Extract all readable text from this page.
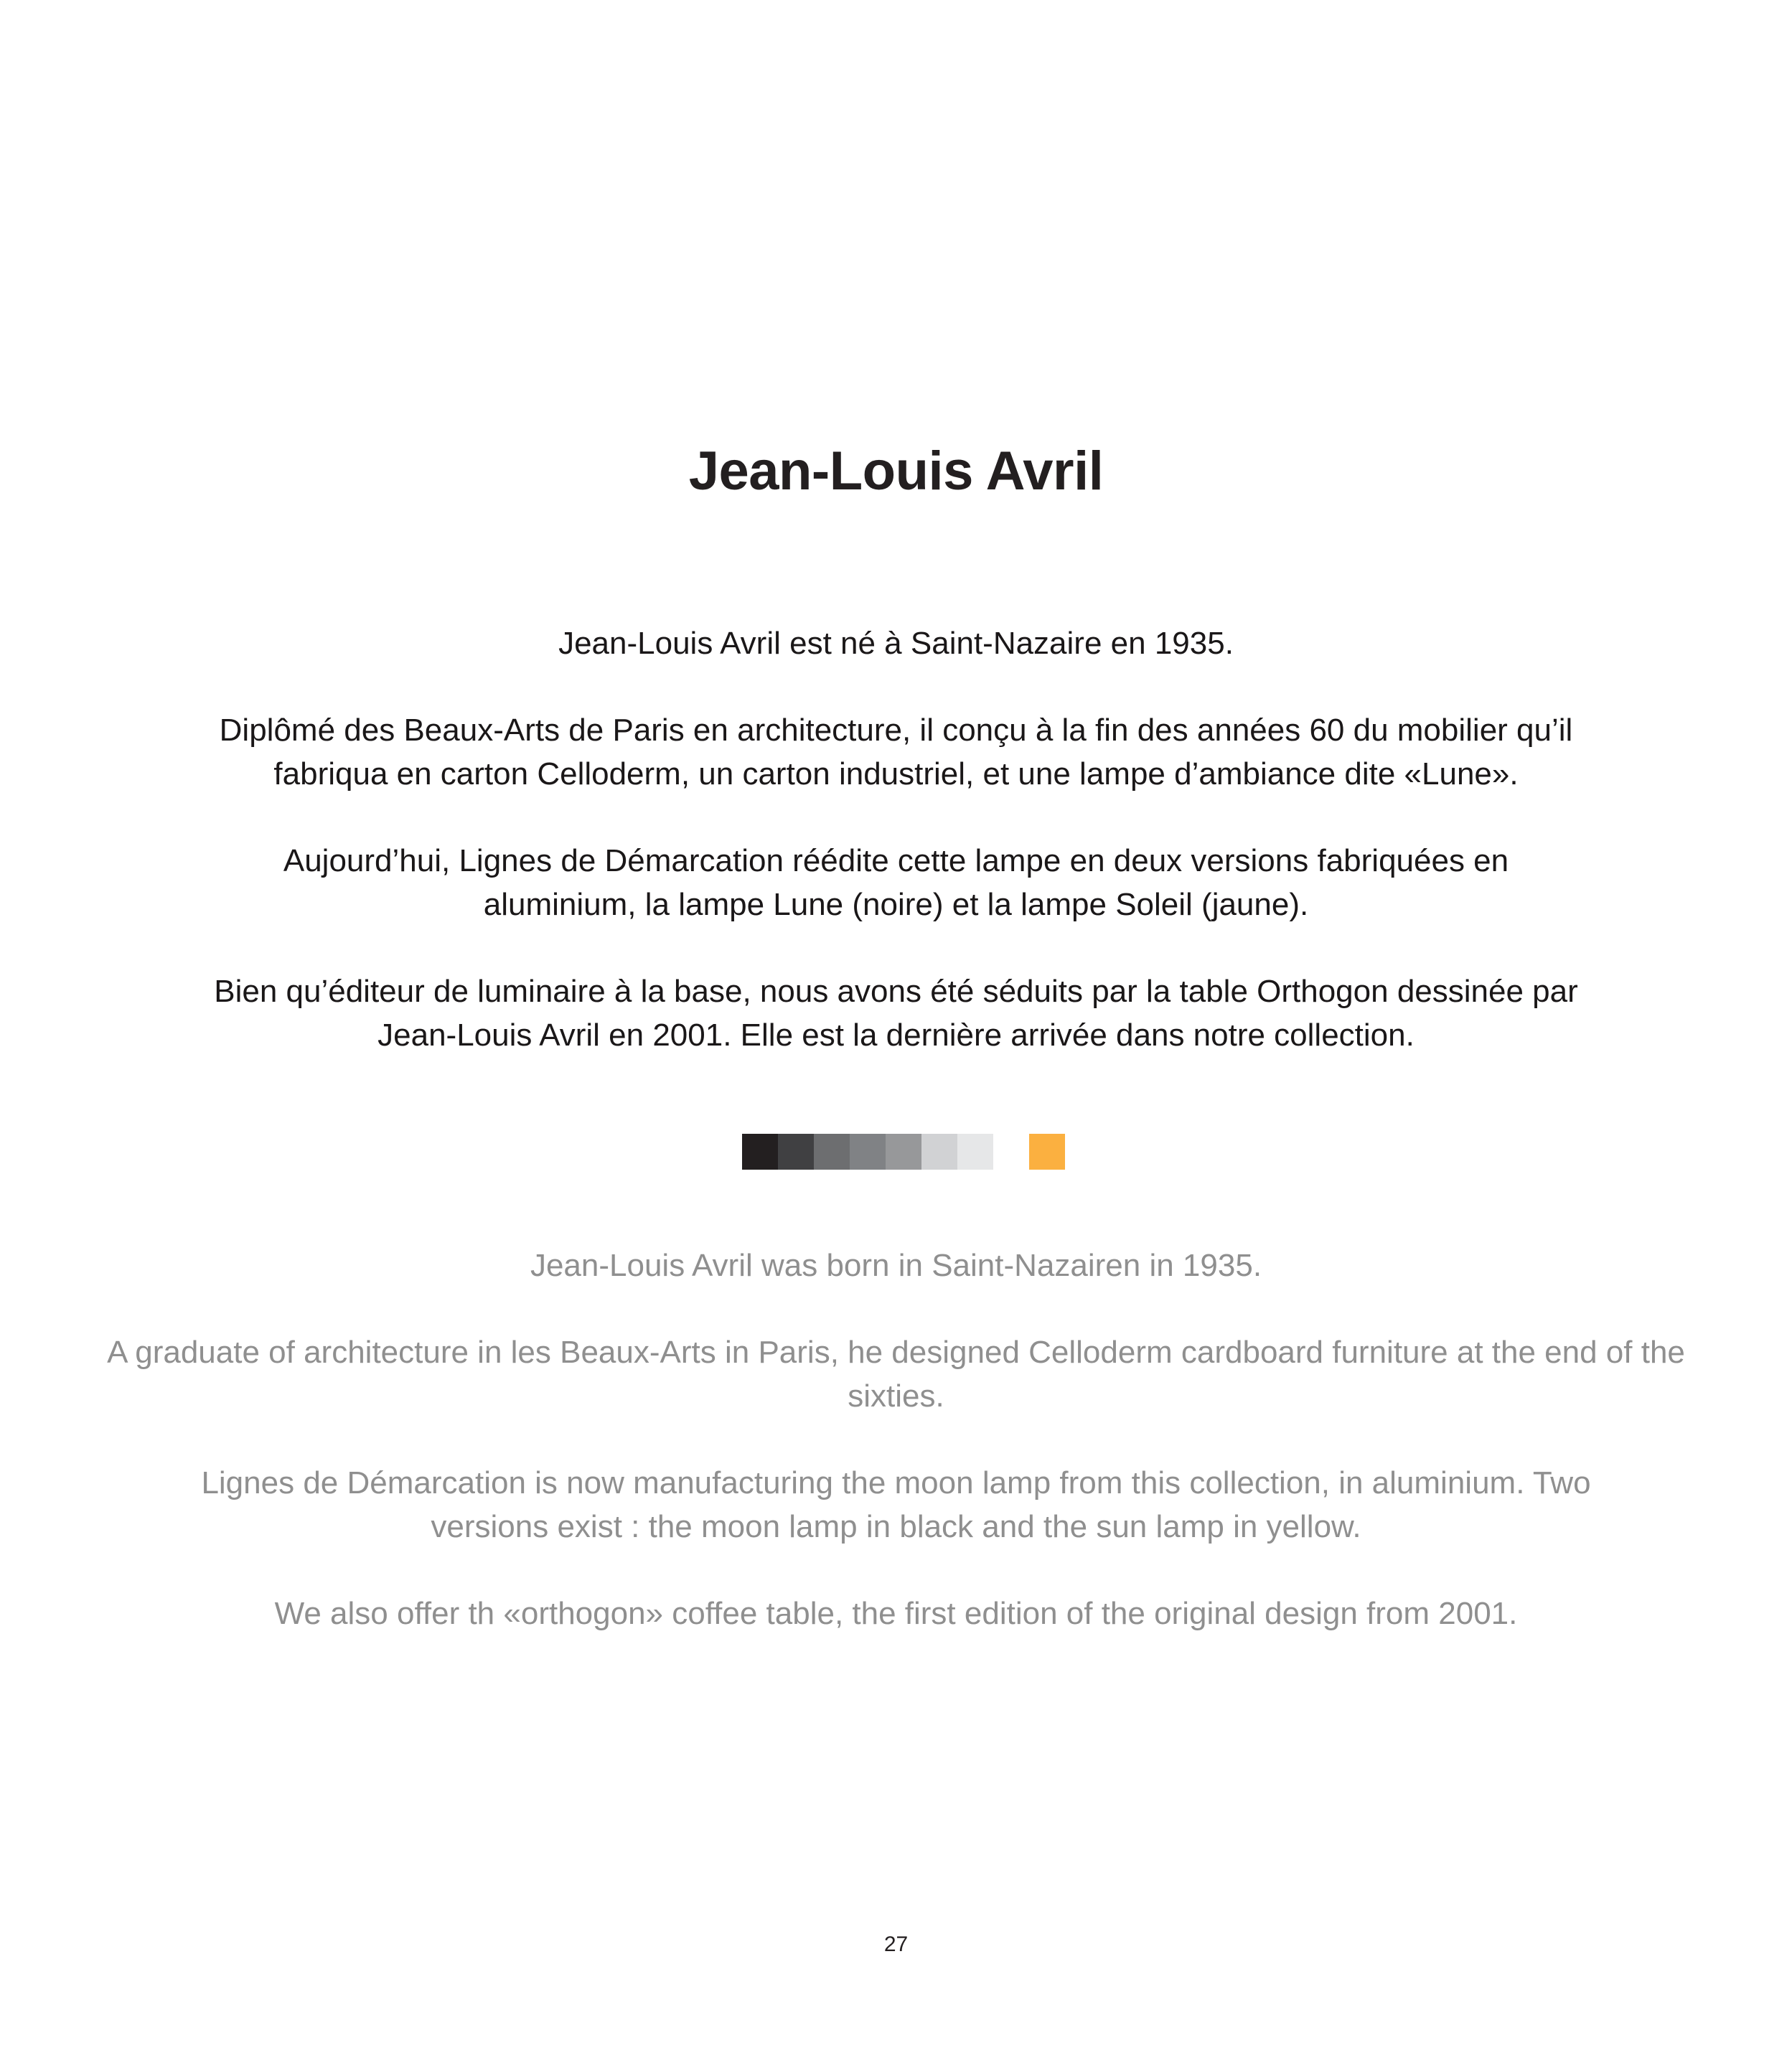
Jean-Louis Avril

Jean-Louis Avril est né à Saint-Nazaire en 1935.

Diplômé des Beaux-Arts de Paris en architecture, il conçu à la fin des années 60 du mobilier qu’il fabriqua en carton Celloderm, un carton industriel, et une lampe d’ambiance dite «Lune».

Aujourd’hui, Lignes de Démarcation réédite cette lampe en deux versions fabriquées en aluminium, la lampe Lune (noire) et la lampe Soleil (jaune).

Bien qu’éditeur de luminaire à la base, nous avons été séduits par la table Orthogon dessinée par Jean-Louis Avril en 2001. Elle est la dernière arrivée dans notre collection.

Jean-Louis Avril was born in Saint-Nazairen in 1935.

A graduate of architecture in les Beaux-Arts in Paris, he designed Celloderm cardboard furniture at the end of the sixties.

Lignes de Démarcation is now manufacturing the moon lamp from this collection, in aluminium. Two versions exist : the moon lamp in black and the sun lamp in yellow.

We also offer th «orthogon» coffee table, the first edition of the original design from 2001.

27
